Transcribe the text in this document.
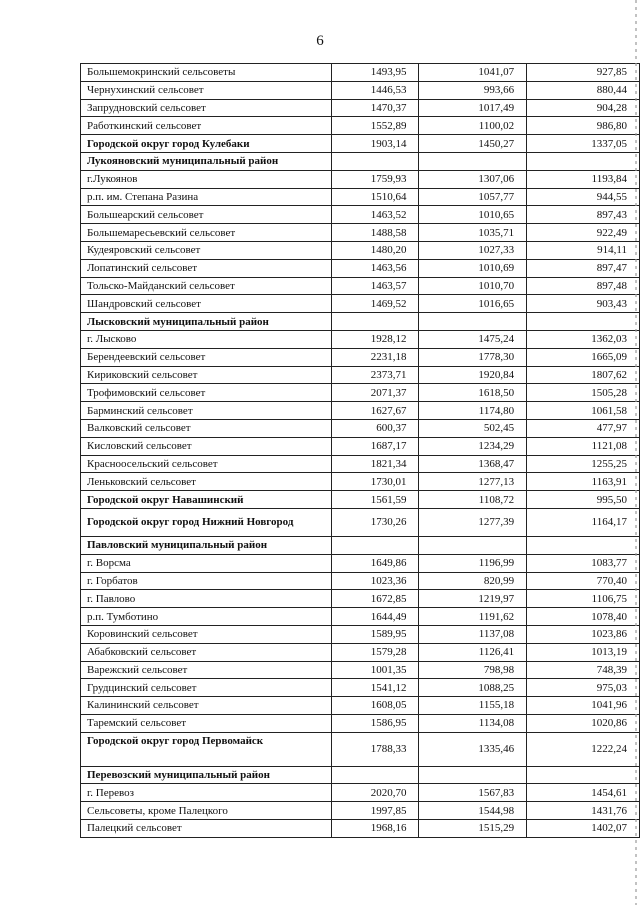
6
Большемокринский сельсоветы	1493,95	1041,07	927,85
Чернухинский сельсовет	1446,53	993,66	880,44
Запрудновский сельсовет	1470,37	1017,49	904,28
Работкинский сельсовет	1552,89	1100,02	986,80
Городской округ город Кулебаки	1903,14	1450,27	1337,05
Лукояновский муниципальный район			
г.Лукоянов	1759,93	1307,06	1193,84
р.п. им. Степана Разина	1510,64	1057,77	944,55
Большеарский сельсовет	1463,52	1010,65	897,43
Большемаресьевский сельсовет	1488,58	1035,71	922,49
Кудеяровский сельсовет	1480,20	1027,33	914,11
Лопатинский сельсовет	1463,56	1010,69	897,47
Тольско-Майданский сельсовет	1463,57	1010,70	897,48
Шандровский сельсовет	1469,52	1016,65	903,43
Лысковский муниципальный район			
г. Лысково	1928,12	1475,24	1362,03
Берендеевский сельсовет	2231,18	1778,30	1665,09
Кириковский сельсовет	2373,71	1920,84	1807,62
Трофимовский сельсовет	2071,37	1618,50	1505,28
Барминский сельсовет	1627,67	1174,80	1061,58
Валковский сельсовет	600,37	502,45	477,97
Кисловский сельсовет	1687,17	1234,29	1121,08
Красноосельский сельсовет	1821,34	1368,47	1255,25
Леньковский сельсовет	1730,01	1277,13	1163,91
Городской округ Навашинский	1561,59	1108,72	995,50
Городской округ город Нижний Новгород	1730,26	1277,39	1164,17
Павловский муниципальный район			
г. Ворсма	1649,86	1196,99	1083,77
г. Горбатов	1023,36	820,99	770,40
г. Павлово	1672,85	1219,97	1106,75
р.п. Тумботино	1644,49	1191,62	1078,40
Коровинский сельсовет	1589,95	1137,08	1023,86
Абабковский сельсовет	1579,28	1126,41	1013,19
Варежский сельсовет	1001,35	798,98	748,39
Грудцинский сельсовет	1541,12	1088,25	975,03
Калининский сельсовет	1608,05	1155,18	1041,96
Таремский сельсовет	1586,95	1134,08	1020,86
Городской округ город Первомайск	1788,33	1335,46	1222,24
Перевозский муниципальный район			
г. Перевоз	2020,70	1567,83	1454,61
Сельсоветы, кроме Палецкого	1997,85	1544,98	1431,76
Палецкий сельсовет	1968,16	1515,29	1402,07
